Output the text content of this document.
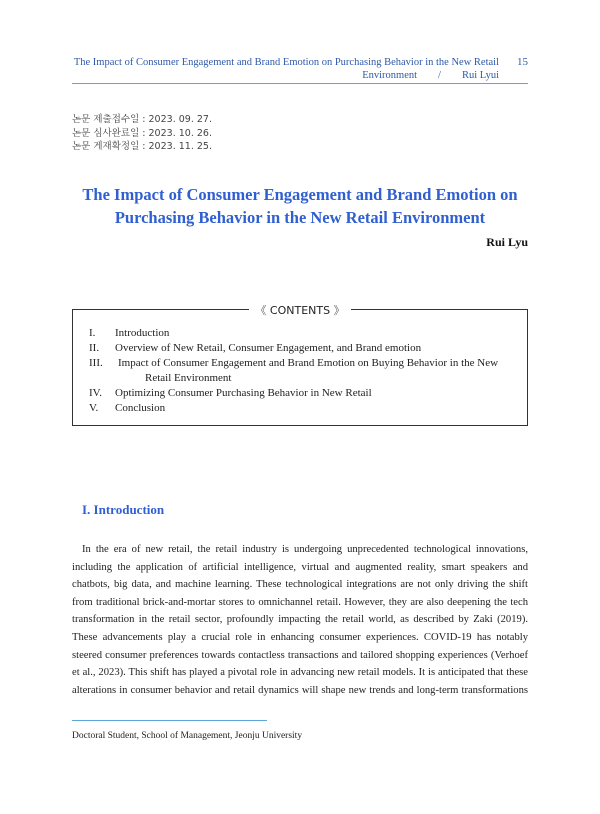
The Impact of Consumer Engagement and Brand Emotion on Purchasing Behavior in the New Retail
Environment  /  Rui Lyui
15
논문 제출접수일 :
2023. 09. 27.
논문 심사완료일 :
2023. 10. 26.
논문 게재확정일 :
2023. 11. 25.
The Impact of Consumer Engagement and Brand Emotion on
Purchasing Behavior in the New Retail Environment
Rui Lyu
《 CONTENTS 》
I.	Introduction
II.	Overview of New Retail, Consumer Engagement, and Brand emotion
III.	Impact of Consumer Engagement and Brand Emotion on Buying Behavior in the New
Retail Environment
IV.	Optimizing Consumer Purchasing Behavior in New Retail
V.	Conclusion
I. Introduction
In the era of new retail, the retail industry is undergoing unprecedented technological innovations,
including the application of artificial intelligence, virtual and augmented reality, smart speakers and
chatbots, big data, and machine learning. These technological integrations are not only driving the shift
from traditional brick-and-mortar stores to omnichannel retail. However, they are also deepening the tech
transformation in the retail sector, profoundly impacting the retail world, as described by Zaki (2019).
These advancements play a crucial role in enhancing consumer experiences. COVID-19 has notably
steered consumer preferences towards contactless transactions and tailored shopping experiences (Verhoef
et al., 2023). This shift has played a pivotal role in advancing new retail models. It is anticipated that these
alterations in consumer behavior and retail dynamics will shape new trends and long-term transformations
Doctoral Student, School of Management, Jeonju University
